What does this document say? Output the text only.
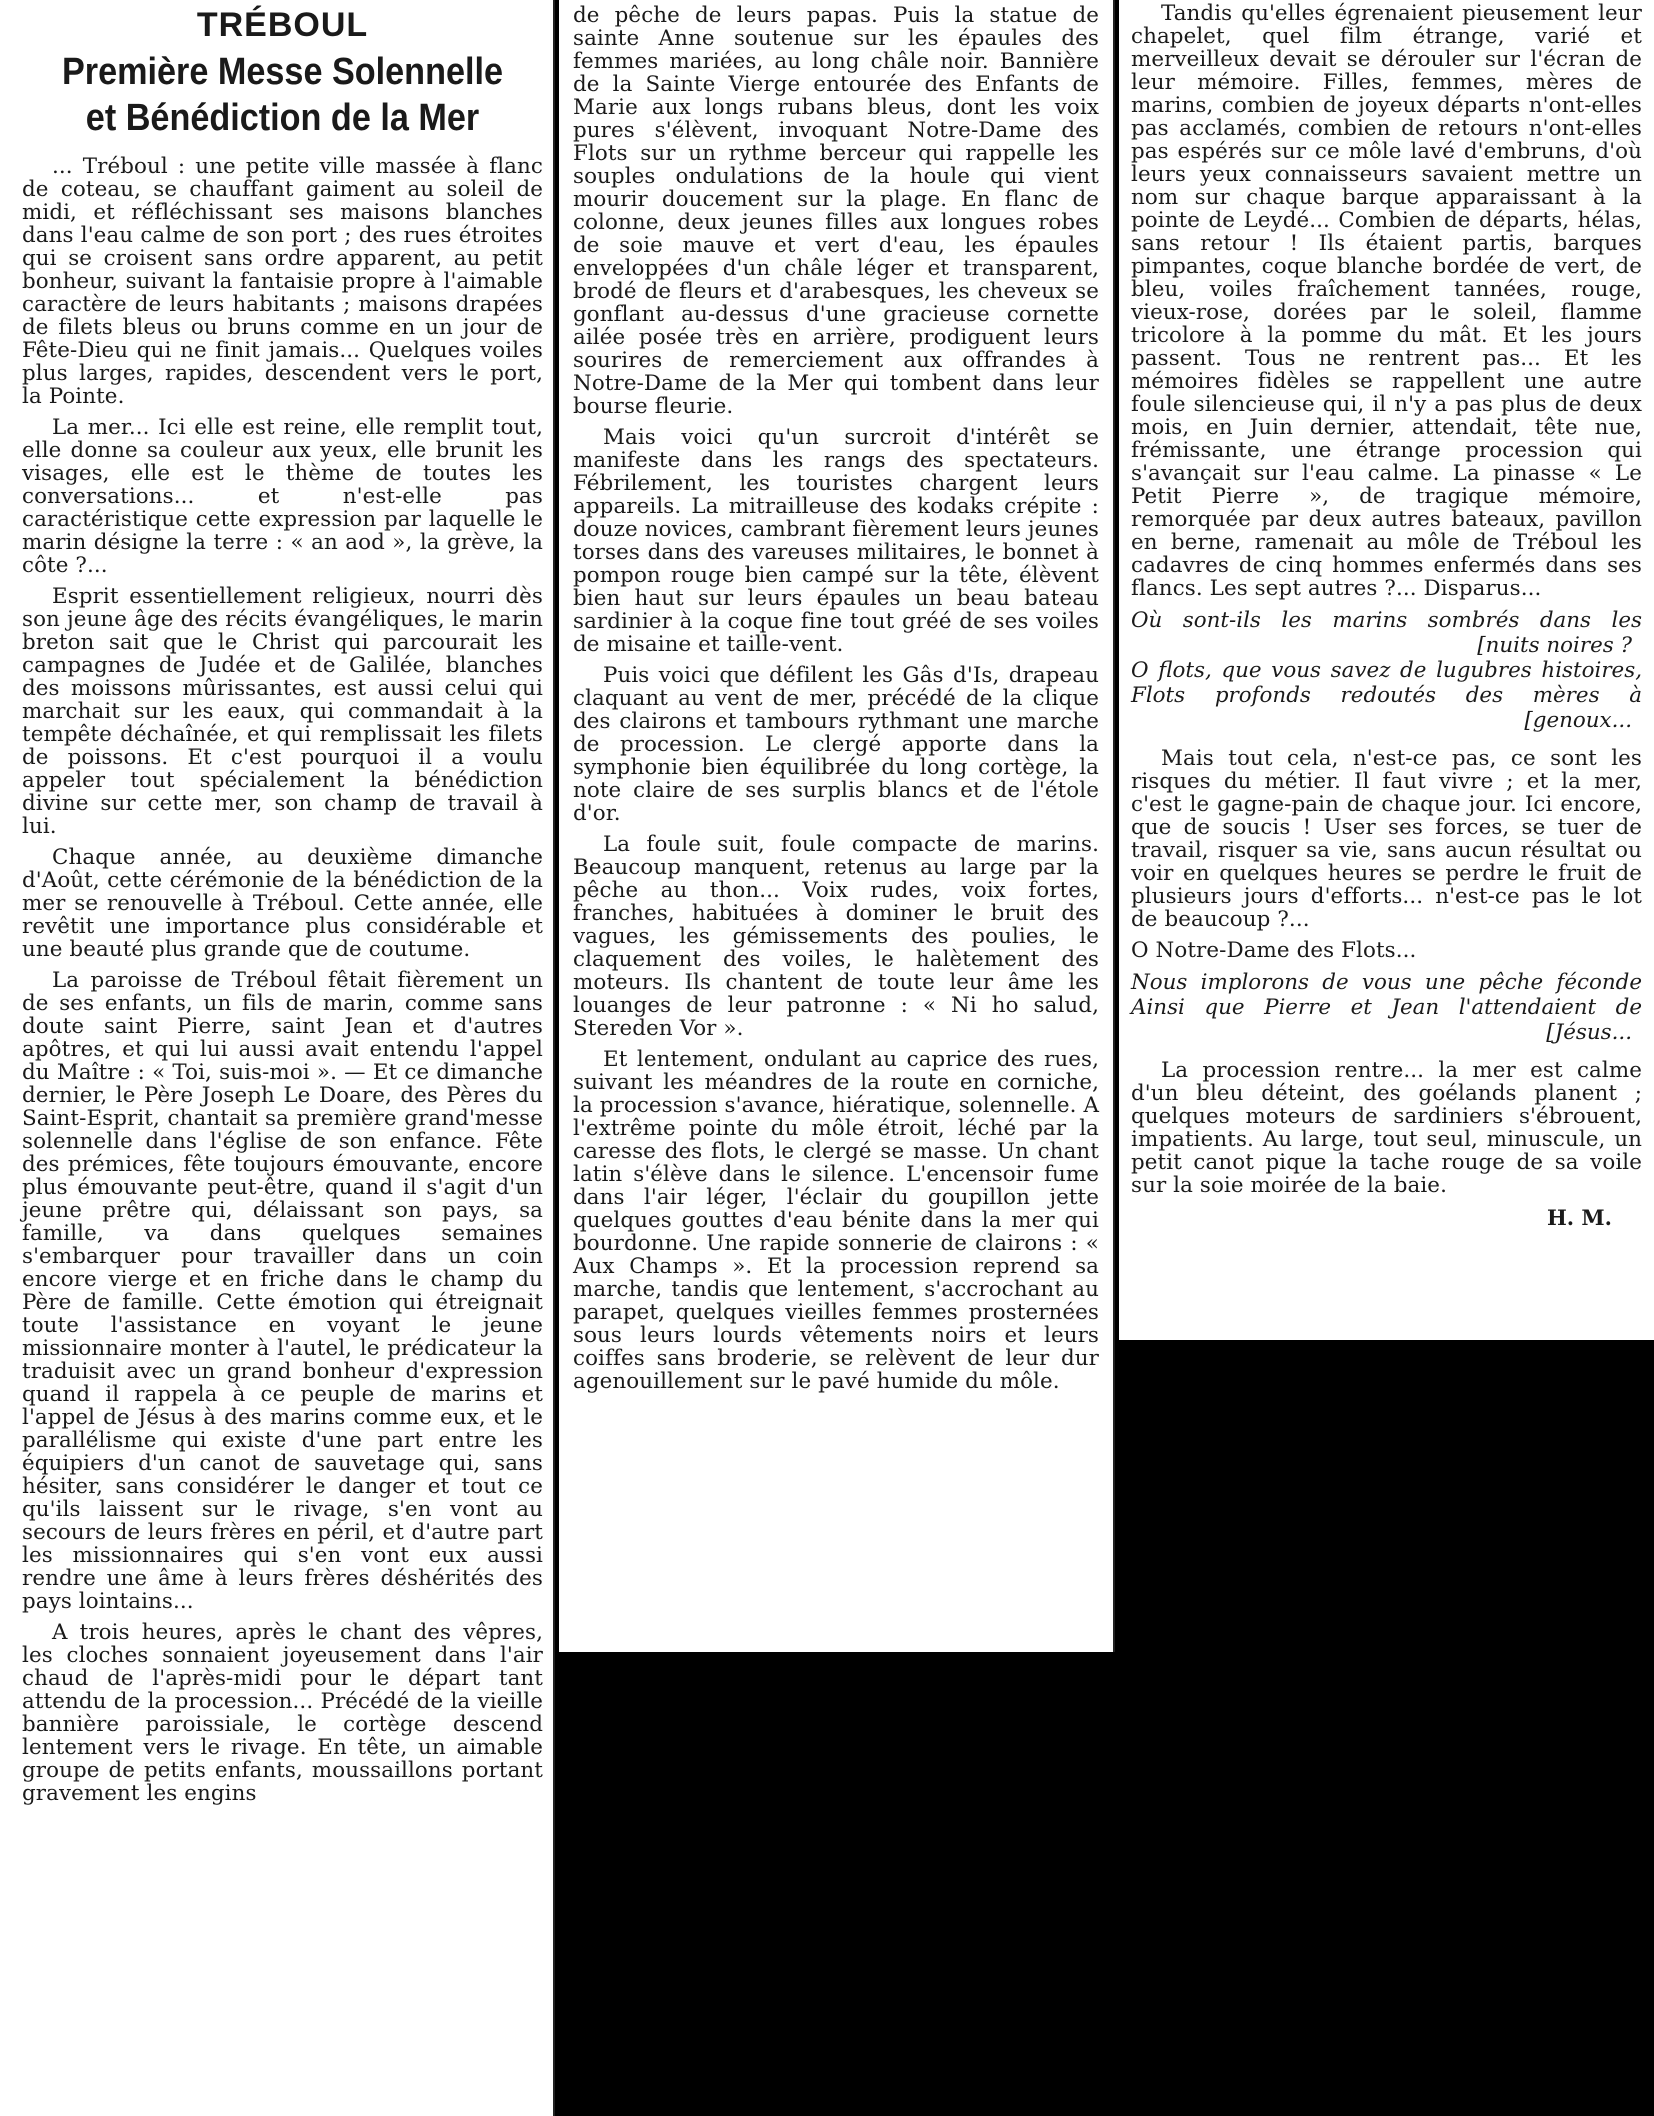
TRÉBOUL
Première Messe Solennelle
et Bénédiction de la Mer

... Tréboul : une petite ville massée à flanc de coteau, se chauffant gaiment au soleil de midi, et réfléchissant ses maisons blanches dans l'eau calme de son port ; des rues étroites qui se croisent sans ordre apparent, au petit bonheur, suivant la fantaisie propre à l'aimable caractère de leurs habitants ; maisons drapées de filets bleus ou bruns comme en un jour de Fête-Dieu qui ne finit jamais... Quelques voiles plus larges, rapides, descendent vers le port, la Pointe.

La mer... Ici elle est reine, elle remplit tout, elle donne sa couleur aux yeux, elle brunit les visages, elle est le thème de toutes les conversations... et n'est-elle pas caractéristique cette expression par laquelle le marin désigne la terre : « an aod », la grève, la côte ?...

Esprit essentiellement religieux, nourri dès son jeune âge des récits évangéliques, le marin breton sait que le Christ qui parcourait les campagnes de Judée et de Galilée, blanches des moissons mûrissantes, est aussi celui qui marchait sur les eaux, qui commandait à la tempête déchaînée, et qui remplissait les filets de poissons. Et c'est pourquoi il a voulu appeler tout spécialement la bénédiction divine sur cette mer, son champ de travail à lui.

Chaque année, au deuxième dimanche d'Août, cette cérémonie de la bénédiction de la mer se renouvelle à Tréboul. Cette année, elle revêtit une importance plus considérable et une beauté plus grande que de coutume.

La paroisse de Tréboul fêtait fièrement un de ses enfants, un fils de marin, comme sans doute saint Pierre, saint Jean et d'autres apôtres, et qui lui aussi avait entendu l'appel du Maître : « Toi, suis-moi ». — Et ce dimanche dernier, le Père Joseph Le Doare, des Pères du Saint-Esprit, chantait sa première grand'messe solennelle dans l'église de son enfance. Fête des prémices, fête toujours émouvante, encore plus émouvante peut-être, quand il s'agit d'un jeune prêtre qui, délaissant son pays, sa famille, va dans quelques semaines s'embarquer pour travailler dans un coin encore vierge et en friche dans le champ du Père de famille. Cette émotion qui étreignait toute l'assistance en voyant le jeune missionnaire monter à l'autel, le prédicateur la traduisit avec un grand bonheur d'expression quand il rappela à ce peuple de marins et l'appel de Jésus à des marins comme eux, et le parallélisme qui existe d'une part entre les équipiers d'un canot de sauvetage qui, sans hésiter, sans considérer le danger et tout ce qu'ils laissent sur le rivage, s'en vont au secours de leurs frères en péril, et d'autre part les missionnaires qui s'en vont eux aussi rendre une âme à leurs frères déshérités des pays lointains...

A trois heures, après le chant des vêpres, les cloches sonnaient joyeusement dans l'air chaud de l'après-midi pour le départ tant attendu de la procession... Précédé de la vieille bannière paroissiale, le cortège descend lentement vers le rivage. En tête, un aimable groupe de petits enfants, moussaillons portant gravement les engins

de pêche de leurs papas. Puis la statue de sainte Anne soutenue sur les épaules des femmes mariées, au long châle noir. Bannière de la Sainte Vierge entourée des Enfants de Marie aux longs rubans bleus, dont les voix pures s'élèvent, invoquant Notre-Dame des Flots sur un rythme berceur qui rappelle les souples ondulations de la houle qui vient mourir doucement sur la plage. En flanc de colonne, deux jeunes filles aux longues robes de soie mauve et vert d'eau, les épaules enveloppées d'un châle léger et transparent, brodé de fleurs et d'arabesques, les cheveux se gonflant au-dessus d'une gracieuse cornette ailée posée très en arrière, prodiguent leurs sourires de remerciement aux offrandes à Notre-Dame de la Mer qui tombent dans leur bourse fleurie.

Mais voici qu'un surcroit d'intérêt se manifeste dans les rangs des spectateurs. Fébrilement, les touristes chargent leurs appareils. La mitrailleuse des kodaks crépite : douze novices, cambrant fièrement leurs jeunes torses dans des vareuses militaires, le bonnet à pompon rouge bien campé sur la tête, élèvent bien haut sur leurs épaules un beau bateau sardinier à la coque fine tout gréé de ses voiles de misaine et taille-vent.

Puis voici que défilent les Gâs d'Is, drapeau claquant au vent de mer, précédé de la clique des clairons et tambours rythmant une marche de procession. Le clergé apporte dans la symphonie bien équilibrée du long cortège, la note claire de ses surplis blancs et de l'étole d'or.

La foule suit, foule compacte de marins. Beaucoup manquent, retenus au large par la pêche au thon... Voix rudes, voix fortes, franches, habituées à dominer le bruit des vagues, les gémissements des poulies, le claquement des voiles, le halètement des moteurs. Ils chantent de toute leur âme les louanges de leur patronne : « Ni ho salud, Stereden Vor ».

Et lentement, ondulant au caprice des rues, suivant les méandres de la route en corniche, la procession s'avance, hiératique, solennelle. A l'extrême pointe du môle étroit, léché par la caresse des flots, le clergé se masse. Un chant latin s'élève dans le silence. L'encensoir fume dans l'air léger, l'éclair du goupillon jette quelques gouttes d'eau bénite dans la mer qui bourdonne. Une rapide sonnerie de clairons : « Aux Champs ». Et la procession reprend sa marche, tandis que lentement, s'accrochant au parapet, quelques vieilles femmes prosternées sous leurs lourds vêtements noirs et leurs coiffes sans broderie, se relèvent de leur dur agenouillement sur le pavé humide du môle.

Tandis qu'elles égrenaient pieusement leur chapelet, quel film étrange, varié et merveilleux devait se dérouler sur l'écran de leur mémoire. Filles, femmes, mères de marins, combien de joyeux départs n'ont-elles pas acclamés, combien de retours n'ont-elles pas espérés sur ce môle lavé d'embruns, d'où leurs yeux connaisseurs savaient mettre un nom sur chaque barque apparaissant à la pointe de Leydé... Combien de départs, hélas, sans retour ! Ils étaient partis, barques pimpantes, coque blanche bordée de vert, de bleu, voiles fraîchement tannées, rouge, vieux-rose, dorées par le soleil, flamme tricolore à la pomme du mât. Et les jours passent. Tous ne rentrent pas... Et les mémoires fidèles se rappellent une autre foule silencieuse qui, il n'y a pas plus de deux mois, en Juin dernier, attendait, tête nue, frémissante, une étrange procession qui s'avançait sur l'eau calme. La pinasse « Le Petit Pierre », de tragique mémoire, remorquée par deux autres bateaux, pavillon en berne, ramenait au môle de Tréboul les cadavres de cinq hommes enfermés dans ses flancs. Les sept autres ?... Disparus...

Où sont-ils les marins sombrés dans les
[nuits noires ?
O flots, que vous savez de lugubres histoires,
Flots profonds redoutés des mères à
[genoux...

Mais tout cela, n'est-ce pas, ce sont les risques du métier. Il faut vivre ; et la mer, c'est le gagne-pain de chaque jour. Ici encore, que de soucis ! User ses forces, se tuer de travail, risquer sa vie, sans aucun résultat ou voir en quelques heures se perdre le fruit de plusieurs jours d'efforts... n'est-ce pas le lot de beaucoup ?...

O Notre-Dame des Flots...

Nous implorons de vous une pêche féconde
Ainsi que Pierre et Jean l'attendaient de
[Jésus...

La procession rentre... la mer est calme d'un bleu déteint, des goélands planent ; quelques moteurs de sardiniers s'ébrouent, impatients. Au large, tout seul, minuscule, un petit canot pique la tache rouge de sa voile sur la soie moirée de la baie.

H. M.
